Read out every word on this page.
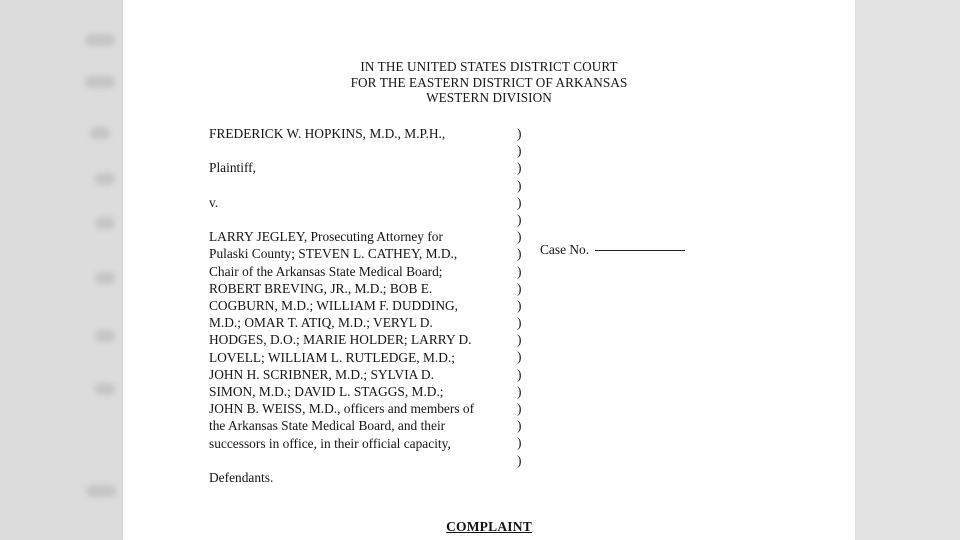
IN THE UNITED STATES DISTRICT COURT
FOR THE EASTERN DISTRICT OF ARKANSAS
WESTERN DIVISION
FREDERICK W. HOPKINS, M.D., M.P.H.,
Plaintiff,
v.
LARRY JEGLEY, Prosecuting Attorney for
Pulaski County; STEVEN L. CATHEY, M.D.,
Chair of the Arkansas State Medical Board;
ROBERT BREVING, JR., M.D.; BOB E.
COGBURN, M.D.; WILLIAM F. DUDDING,
M.D.; OMAR T. ATIQ, M.D.; VERYL D.
HODGES, D.O.; MARIE HOLDER; LARRY D.
LOVELL; WILLIAM L. RUTLEDGE, M.D.;
JOHN H. SCRIBNER, M.D.; SYLVIA D.
SIMON, M.D.; DAVID L. STAGGS, M.D.;
JOHN B. WEISS, M.D., officers and members of
the Arkansas State Medical Board, and their
successors in office, in their official capacity,
Defendants.
)
)
)
)
)
)
)
)
)
)
)
)
)
)
)
)
)
)
)
)
Case No.
COMPLAINT
